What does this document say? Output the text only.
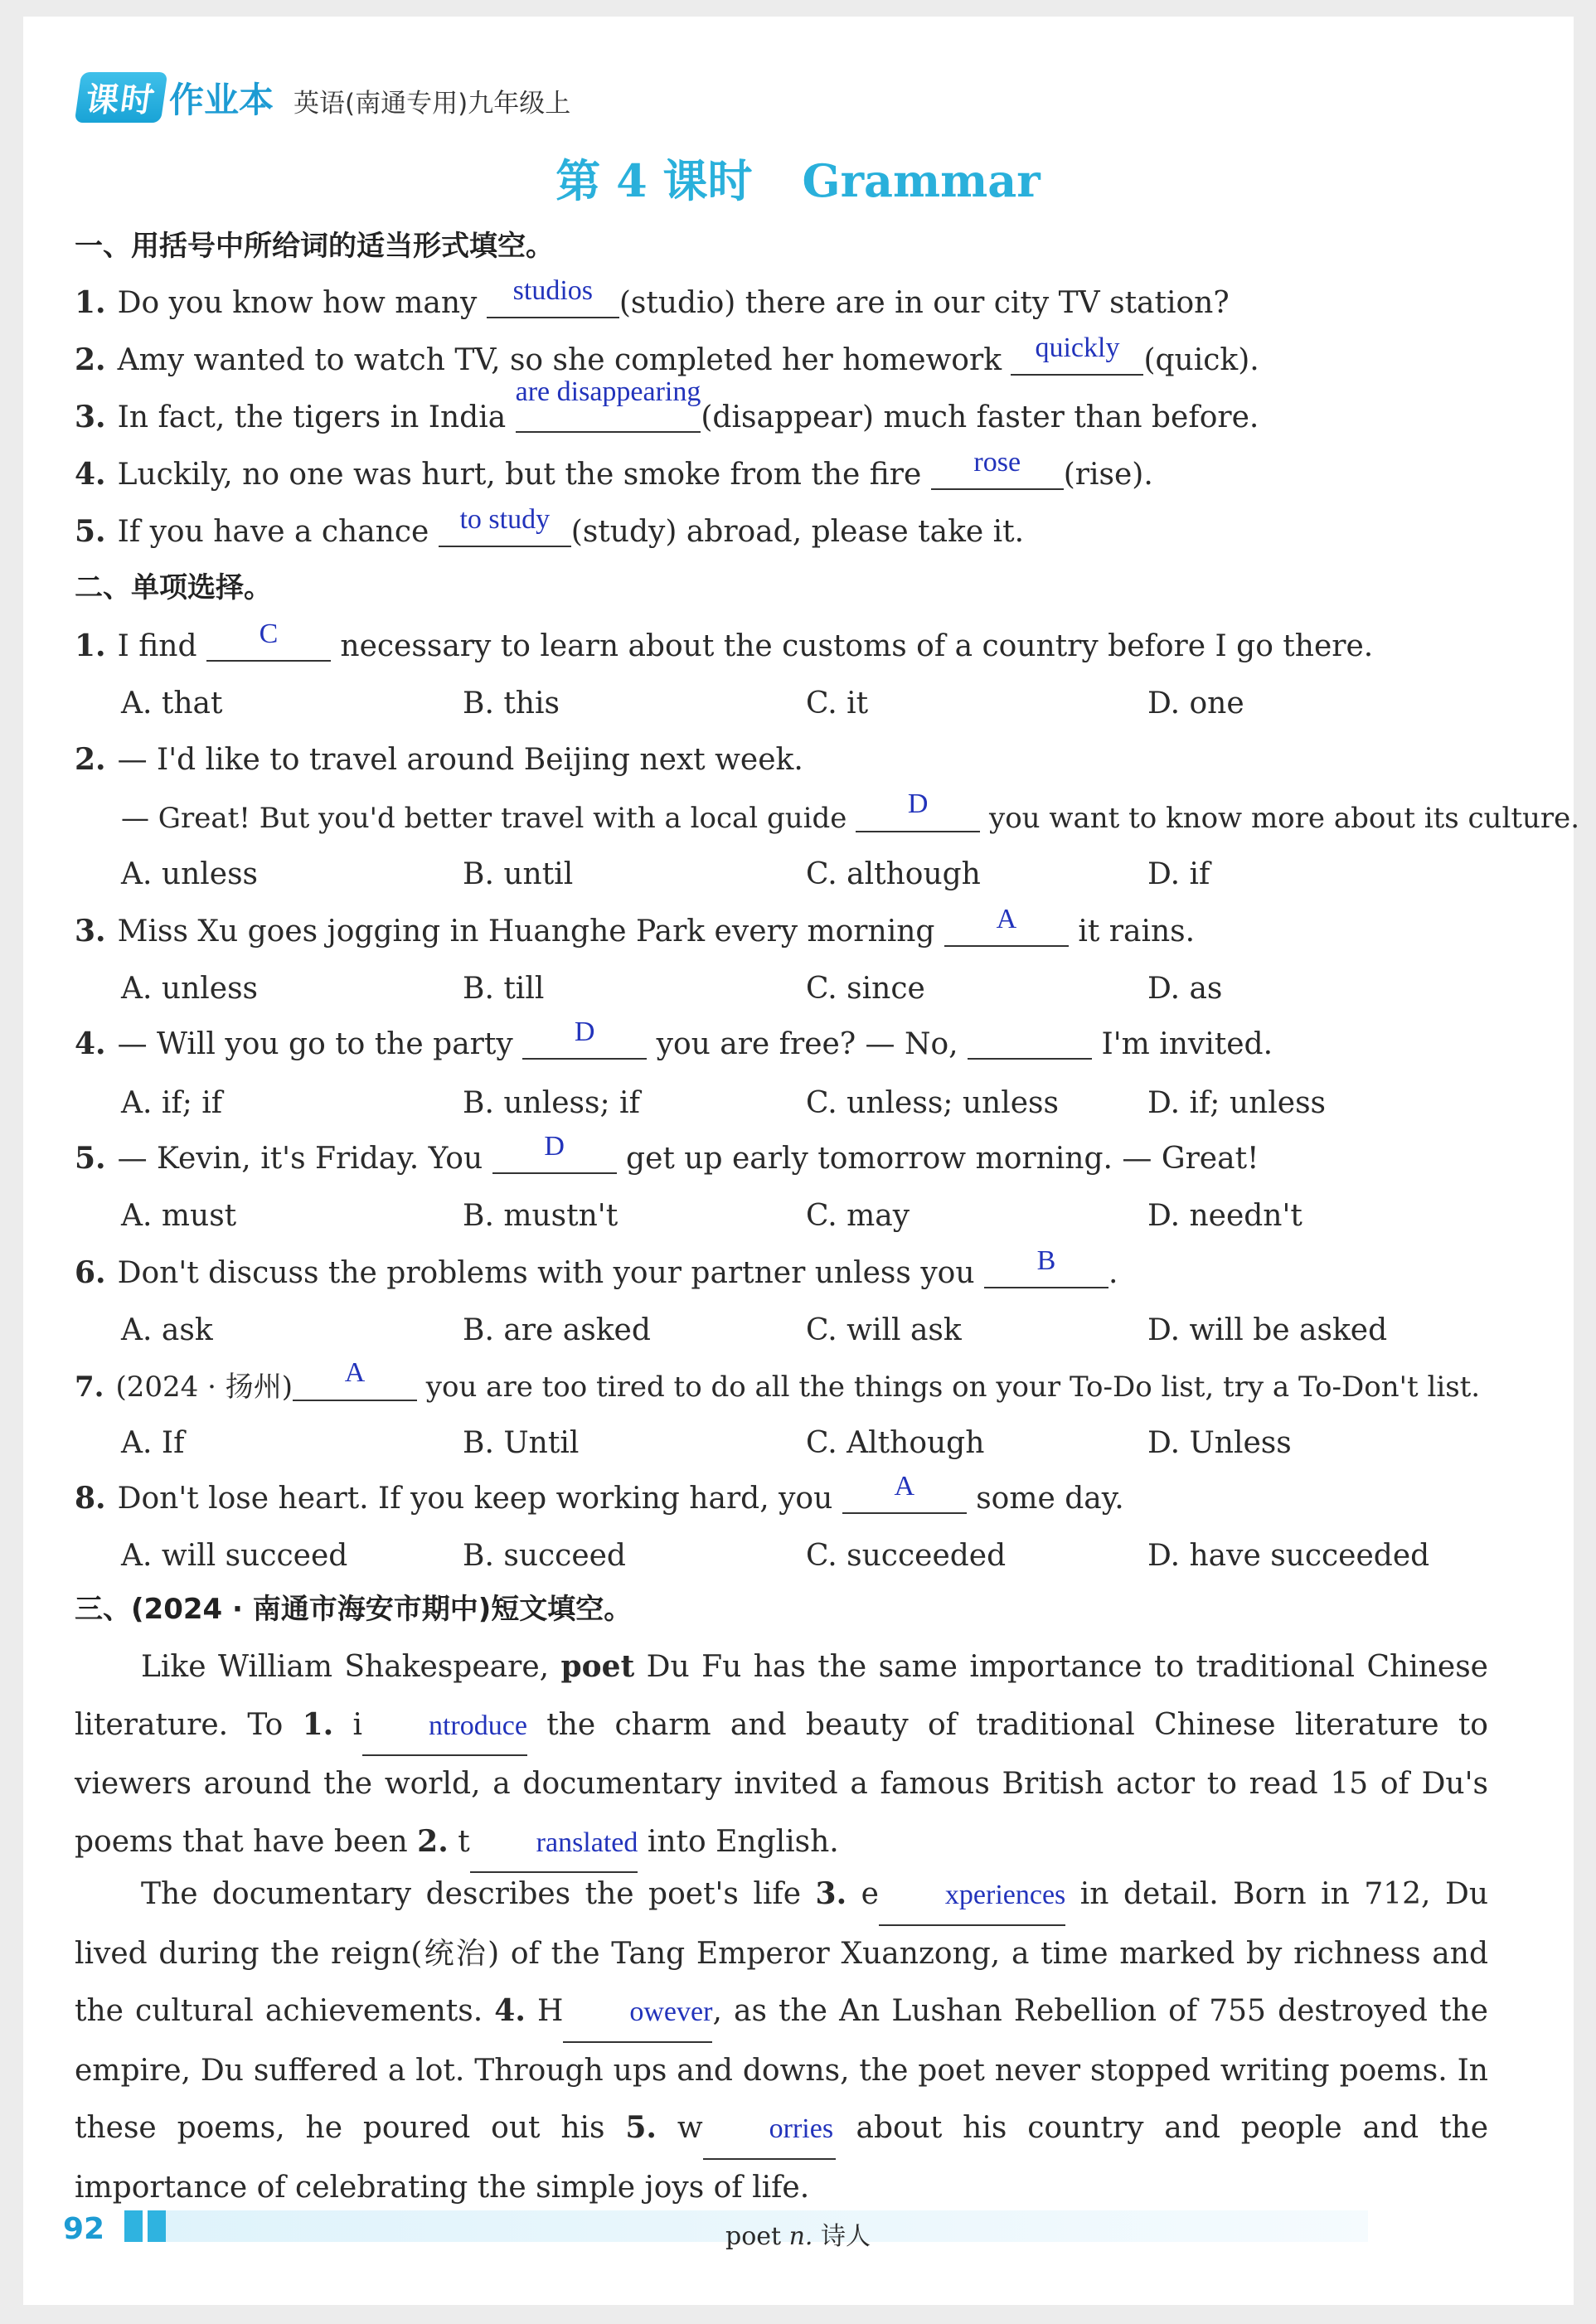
课时 作业本 英语(南通专用)九年级上
第 4 课时 Grammar
一、用括号中所给词的适当形式填空。
1. Do you know how many studios (studio) there are in our city TV station?
2. Amy wanted to watch TV, so she completed her homework quickly (quick).
3. In fact, the tigers in India are disappearing(disappear) much faster than before.
4. Luckily, no one was hurt, but the smoke from the fire rose (rise).
5. If you have a chance to study (study) abroad, please take it.
二、单项选择。
1. I find C necessary to learn about the customs of a country before I go there.
A. that	B. this	C. it	D. one
2. — I'd like to travel around Beijing next week.
— Great! But you'd better travel with a local guide D you want to know more about its culture.
A. unless	B. until	C. although	D. if
3. Miss Xu goes jogging in Huanghe Park every morning A it rains.
A. unless	B. till	C. since	D. as
4. — Will you go to the party D you are free? — No,	I'm invited.
A. if; if	B. unless; if	C. unless; unless	D. if; unless
5. — Kevin, it's Friday. You D get up early tomorrow morning. — Great!
A. must	B. mustn't	C. may	D. needn't
6. Don't discuss the problems with your partner unless you B .
A. ask	B. are asked	C. will ask	D. will be asked
7. (2024 · 扬州) A you are too tired to do all the things on your To-Do list, try a To-Don't list.
A. If	B. Until	C. Although	D. Unless
8. Don't lose heart. If you keep working hard, you A some day.
A. will succeed	B. succeed	C. succeeded	D. have succeeded
三、(2024 · 南通市海安市期中)短文填空。
Like William Shakespeare, poet Du Fu has the same importance to traditional Chinese literature. To 1. i ntroduce the charm and beauty of traditional Chinese literature to viewers around the world, a documentary invited a famous British actor to read 15 of Du's poems that have been 2. t ranslated into English.
The documentary describes the poet's life 3. e xperiences in detail. Born in 712, Du lived during the reign(统治) of the Tang Emperor Xuanzong, a time marked by richness and the cultural achievements. 4. H owever, as the An Lushan Rebellion of 755 destroyed the empire, Du suffered a lot. Through ups and downs, the poet never stopped writing poems. In these poems, he poured out his 5. w orries about his country and people and the importance of celebrating the simple joys of life.
92	poet n. 诗人
